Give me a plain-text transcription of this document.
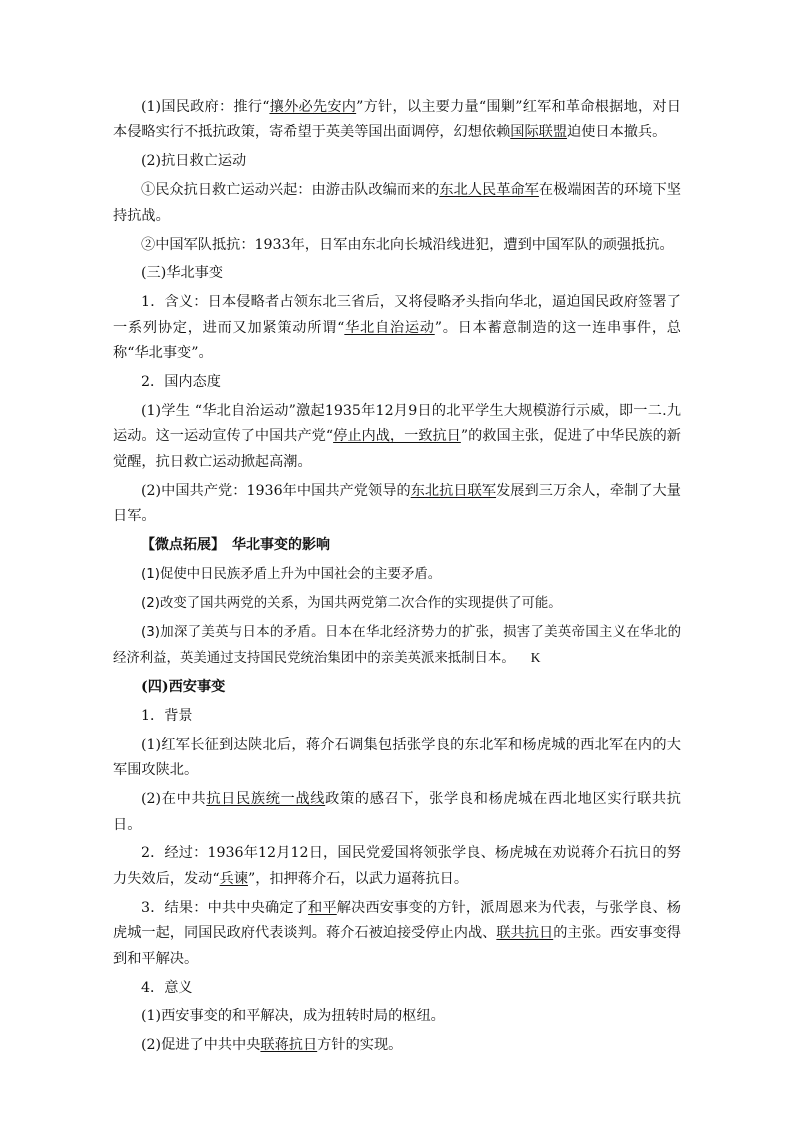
(1)国民政府：推行“攘外必先安内”方针，以主要力量“围剿”红军和革命根据地，对日本侵略实行不抵抗政策，寄希望于英美等国出面调停，幻想依赖国际联盟迫使日本撤兵。

(2)抗日救亡运动

①民众抗日救亡运动兴起：由游击队改编而来的东北人民革命军在极端困苦的环境下坚持抗战。

②中国军队抵抗：1933年，日军由东北向长城沿线进犯，遭到中国军队的顽强抵抗。

(三)华北事变

1．含义：日本侵略者占领东北三省后，又将侵略矛头指向华北，逼迫国民政府签署了一系列协定，进而又加紧策动所谓“华北自治运动”。日本蓄意制造的这一连串事件，总称“华北事变”。

2．国内态度

(1)学生 “华北自治运动”激起1935年12月9日的北平学生大规模游行示威，即一二.九运动。这一运动宣传了中国共产党“停止内战，一致抗日”的救国主张，促进了中华民族的新觉醒，抗日救亡运动掀起高潮。

(2)中国共产党：1936年中国共产党领导的东北抗日联军发展到三万余人，牵制了大量日军。

【微点拓展】　华北事变的影响

(1)促使中日民族矛盾上升为中国社会的主要矛盾。

(2)改变了国共两党的关系，为国共两党第二次合作的实现提供了可能。

(3)加深了美英与日本的矛盾。日本在华北经济势力的扩张，损害了美英帝国主义在华北的经济利益，英美通过支持国民党统治集团中的亲美英派来抵制日本。 K

(四)西安事变

1．背景

(1)红军长征到达陕北后，蒋介石调集包括张学良的东北军和杨虎城的西北军在内的大军围攻陕北。

(2)在中共抗日民族统一战线政策的感召下，张学良和杨虎城在西北地区实行联共抗日。

2．经过：1936年12月12日，国民党爱国将领张学良、杨虎城在劝说蒋介石抗日的努力失效后，发动“兵谏”，扣押蒋介石，以武力逼蒋抗日。

3．结果：中共中央确定了和平解决西安事变的方针，派周恩来为代表，与张学良、杨虎城一起，同国民政府代表谈判。蒋介石被迫接受停止内战、联共抗日的主张。西安事变得到和平解决。

4．意义

(1)西安事变的和平解决，成为扭转时局的枢纽。

(2)促进了中共中央联蒋抗日方针的实现。
